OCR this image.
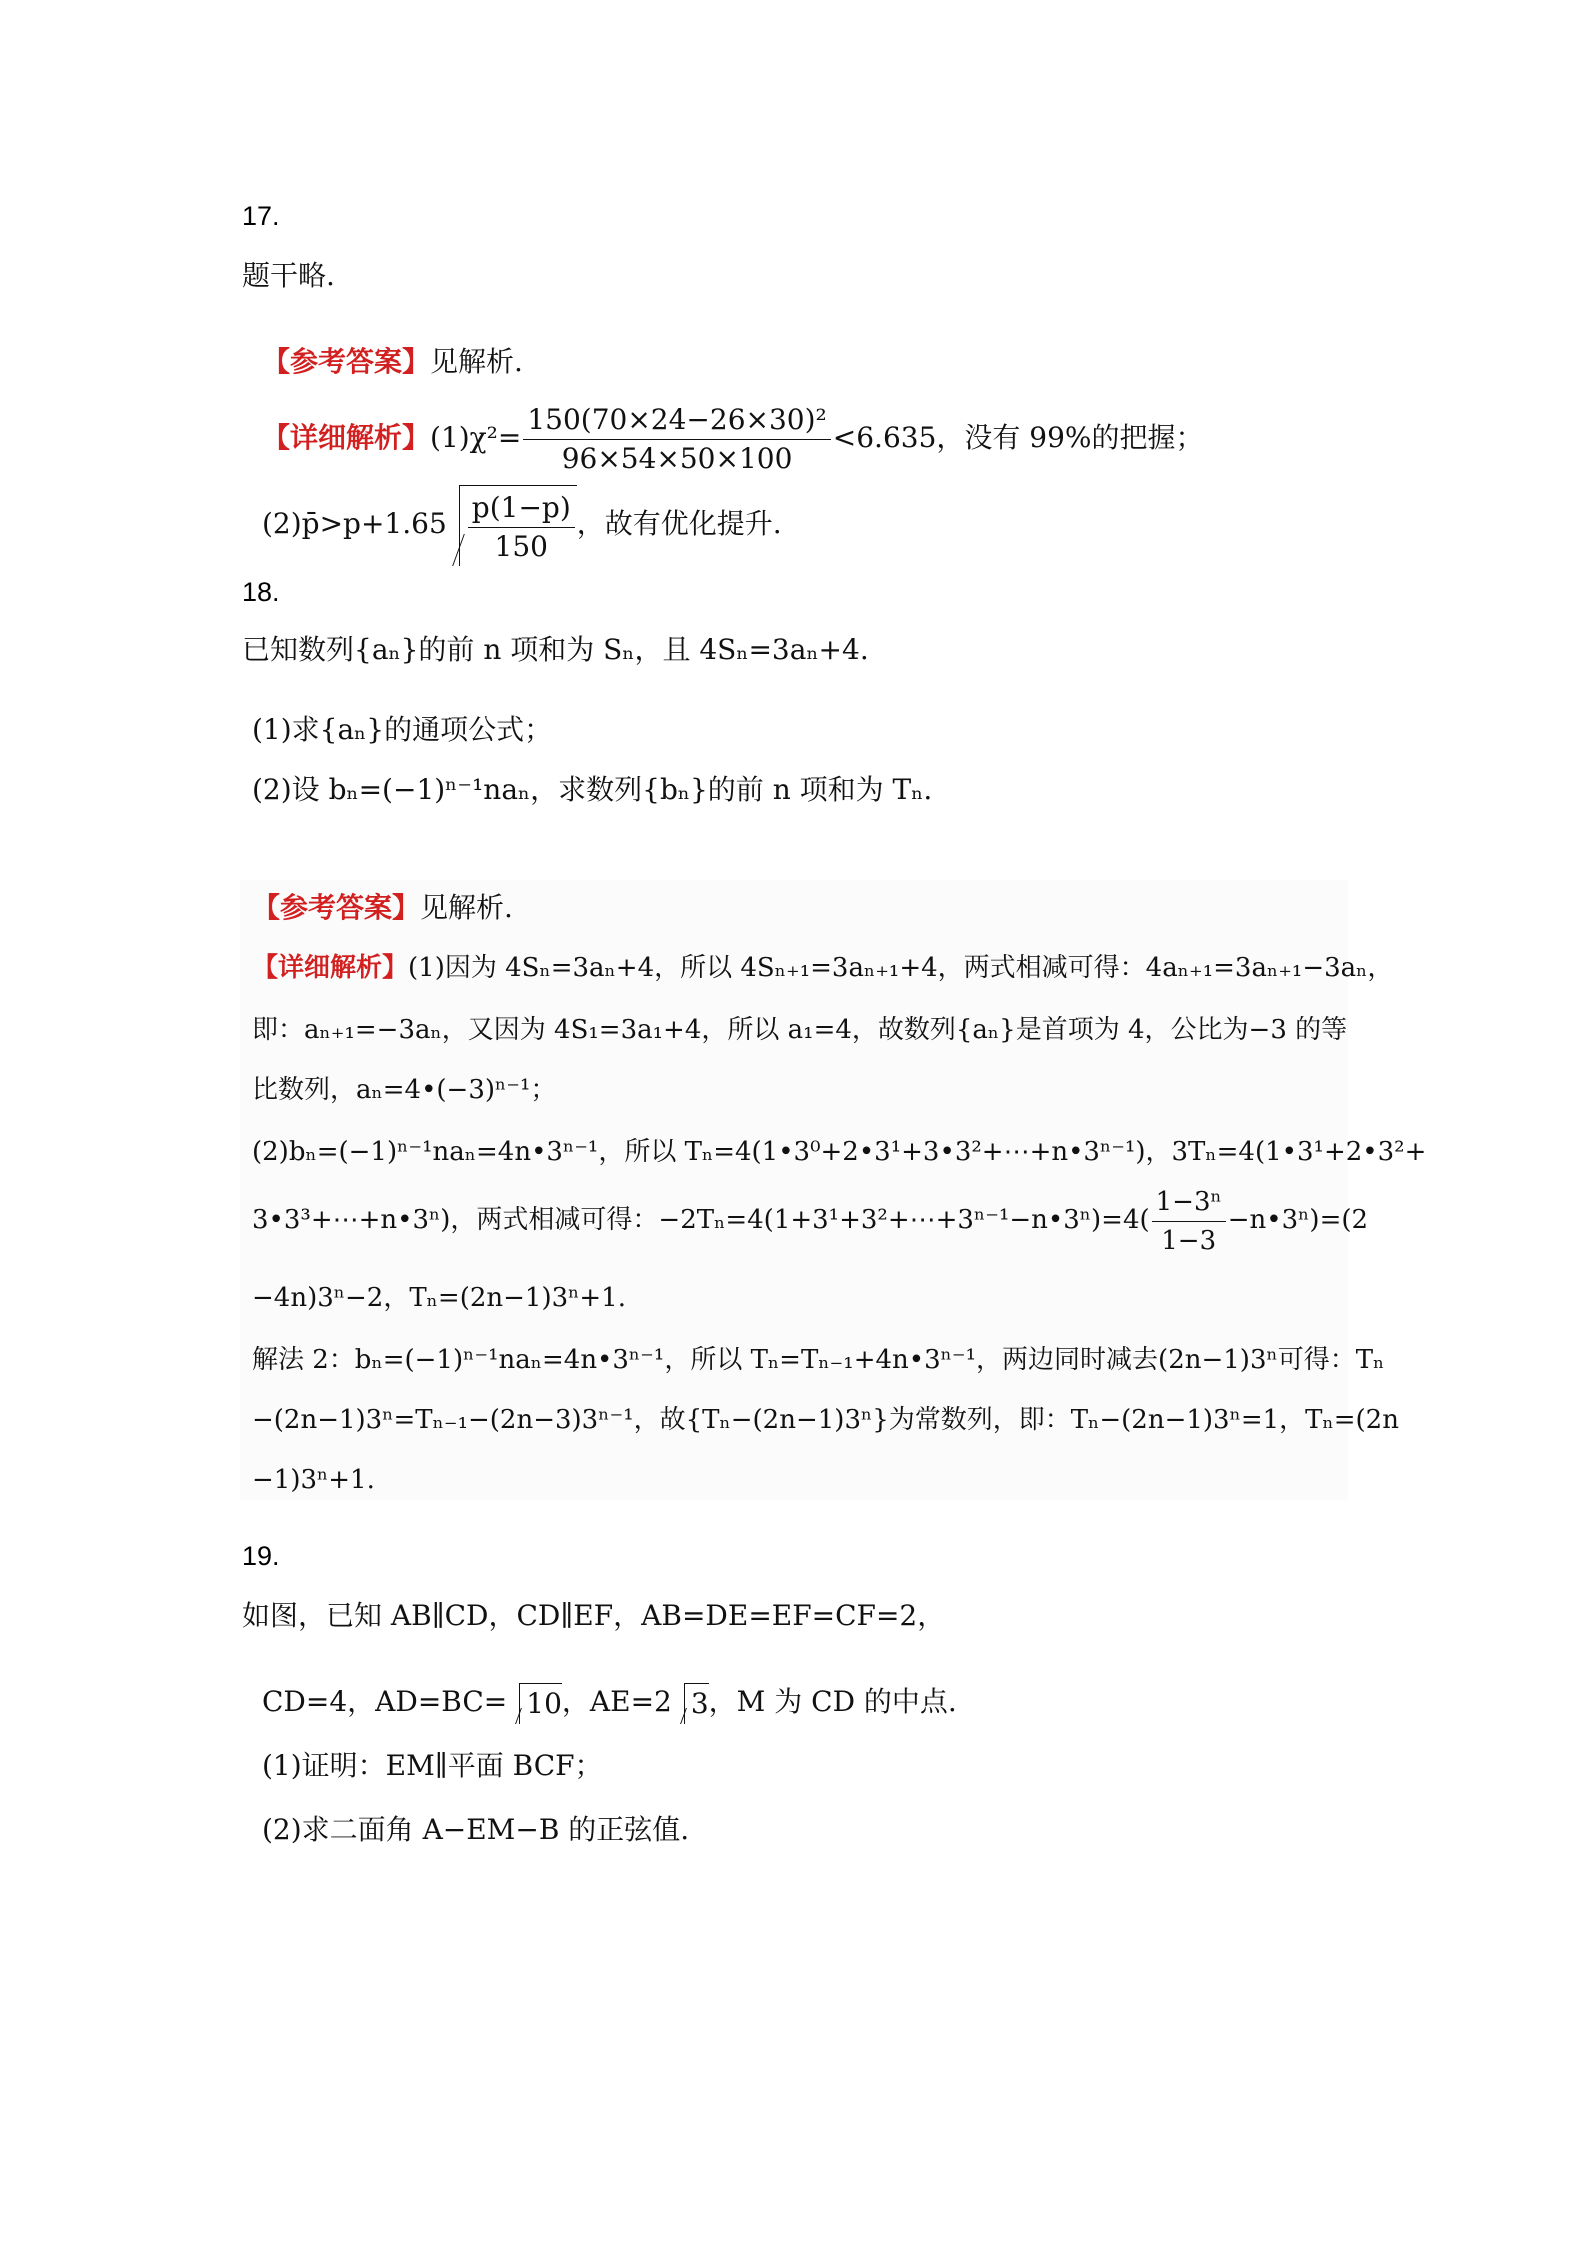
17.
题干略.
【参考答案】见解析.
【详细解析】$(1)\chi^2= \frac{\text{150(70×24−26×30)²}}{96\times 54\times 50\times 100} <6.635$，没有 99%的把握；
(2)p̄>p+1.65 $\frac{p(1-p)}{150}$ ，故有优化提升.
18.
已知数列{aₙ}的前 n 项和为 Sₙ，且 4Sₙ=3aₙ+4.
(1)求{aₙ}的通项公式；
(2)设 bₙ=(−1)ⁿ⁻¹naₙ，求数列{bₙ}的前 n 项和为 Tₙ.
【参考答案】见解析.
【详细解析】(1)因为 4Sₙ=3aₙ+4，所以 4Sₙ₊₁=3aₙ₊₁+4，两式相减可得：4aₙ₊₁=3aₙ₊₁−3aₙ，
即：aₙ₊₁=−3aₙ，又因为 4S₁=3a₁+4，所以 a₁=4，故数列{aₙ}是首项为 4，公比为−3 的等
比数列，aₙ=4•(−3)ⁿ⁻¹；
(2)bₙ=(−1)ⁿ⁻¹naₙ=4n•3ⁿ⁻¹，所以 Tₙ=4(1•3⁰+2•3¹+3•3²+⋯+n•3ⁿ⁻¹)，3Tₙ=4(1•3¹+2•3²+
3•3³+⋯+n•3ⁿ)，两式相减可得：−2Tₙ=4(1+3¹+3²+⋯+3ⁿ⁻¹−n•3ⁿ)=4( $\frac{\text{1−3ⁿ}}{1-3}$ −n•3ⁿ)=(2
−4n)3ⁿ−2，Tₙ=(2n−1)3ⁿ+1.
解法 2：bₙ=(−1)ⁿ⁻¹naₙ=4n•3ⁿ⁻¹，所以 Tₙ=Tₙ₋₁+4n•3ⁿ⁻¹，两边同时减去(2n−1)3ⁿ可得：Tₙ
−(2n−1)3ⁿ=Tₙ₋₁−(2n−3)3ⁿ⁻¹，故{Tₙ−(2n−1)3ⁿ}为常数列，即：Tₙ−(2n−1)3ⁿ=1，Tₙ=(2n
−1)3ⁿ+1.
19.
如图，已知 AB∥CD，CD∥EF，AB=DE=EF=CF=2，
CD=4，AD=BC= 10，AE=2 3，M 为 CD 的中点.
(1)证明：EM∥平面 BCF；
(2)求二面角 A−EM−B 的正弦值.
